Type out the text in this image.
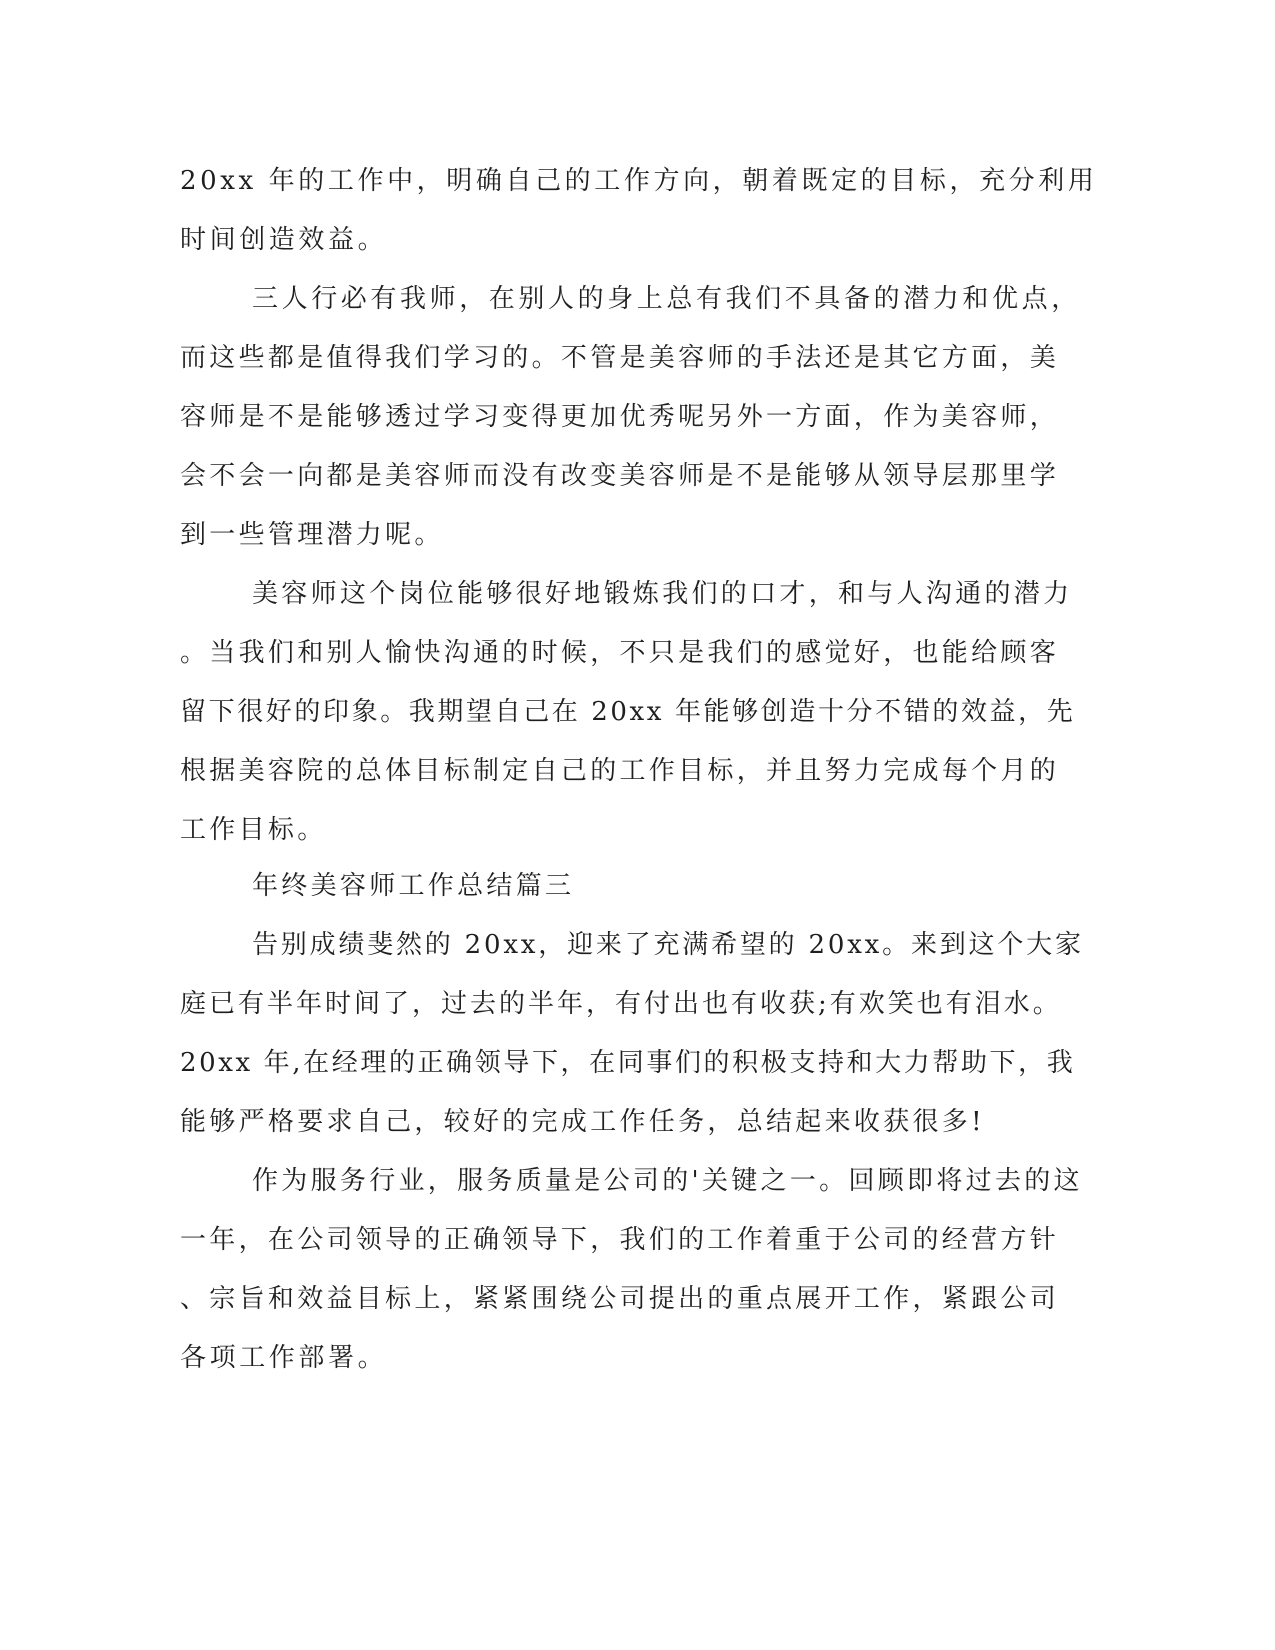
20xx 年的工作中，明确自己的工作方向，朝着既定的目标，充分利用
时间创造效益。
三人行必有我师，在别人的身上总有我们不具备的潜力和优点，
而这些都是值得我们学习的。不管是美容师的手法还是其它方面，美
容师是不是能够透过学习变得更加优秀呢另外一方面，作为美容师，
会不会一向都是美容师而没有改变美容师是不是能够从领导层那里学
到一些管理潜力呢。
美容师这个岗位能够很好地锻炼我们的口才，和与人沟通的潜力
。当我们和别人愉快沟通的时候，不只是我们的感觉好，也能给顾客
留下很好的印象。我期望自己在 20xx 年能够创造十分不错的效益，先
根据美容院的总体目标制定自己的工作目标，并且努力完成每个月的
工作目标。
年终美容师工作总结篇三
告别成绩斐然的 20xx，迎来了充满希望的 20xx。来到这个大家
庭已有半年时间了，过去的半年，有付出也有收获;有欢笑也有泪水。
20xx 年,在经理的正确领导下，在同事们的积极支持和大力帮助下，我
能够严格要求自己，较好的完成工作任务，总结起来收获很多!
作为服务行业，服务质量是公司的'关键之一。回顾即将过去的这
一年，在公司领导的正确领导下，我们的工作着重于公司的经营方针
、宗旨和效益目标上，紧紧围绕公司提出的重点展开工作，紧跟公司
各项工作部署。
